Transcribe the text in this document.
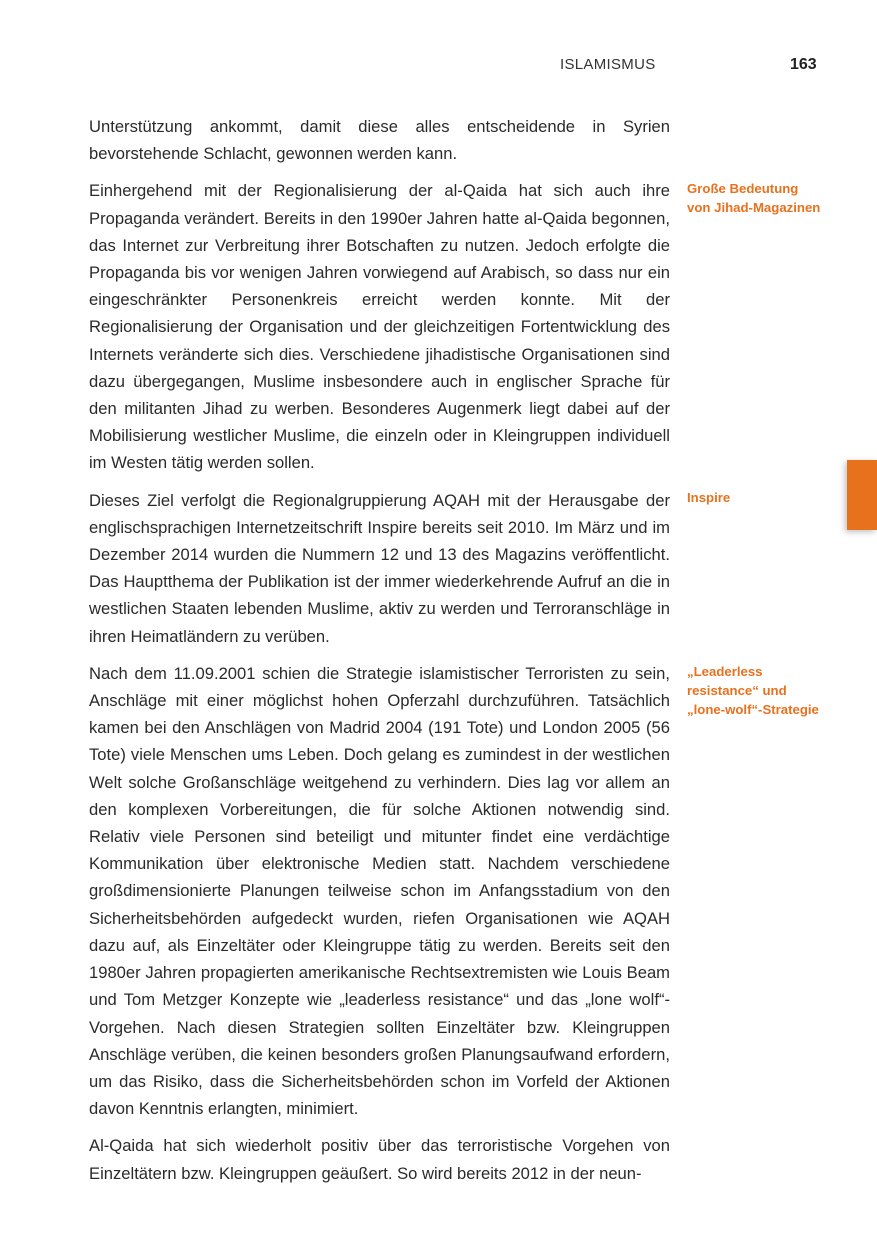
ISLAMISMUS	163

Unterstützung ankommt, damit diese alles entscheidende in Syrien bevorstehende Schlacht, gewonnen werden kann.

Einhergehend mit der Regionalisierung der al-Qaida hat sich auch ihre Propaganda verändert. Bereits in den 1990er Jahren hatte al-Qaida begonnen, das Internet zur Verbreitung ihrer Botschaften zu nutzen. Jedoch erfolgte die Propaganda bis vor wenigen Jahren vorwiegend auf Arabisch, so dass nur ein eingeschränkter Personenkreis erreicht werden konnte. Mit der Regionalisierung der Organisation und der gleichzeitigen Fortentwicklung des Internets veränderte sich dies. Verschiedene jihadistische Organisationen sind dazu übergegangen, Muslime insbesondere auch in englischer Sprache für den militanten Jihad zu werben. Besonderes Augenmerk liegt dabei auf der Mobilisierung westlicher Muslime, die einzeln oder in Kleingruppen individuell im Westen tätig werden sollen.

Dieses Ziel verfolgt die Regionalgruppierung AQAH mit der Herausgabe der englischsprachigen Internetzeitschrift Inspire bereits seit 2010. Im März und im Dezember 2014 wurden die Nummern 12 und 13 des Magazins veröffentlicht. Das Hauptthema der Publikation ist der immer wiederkehrende Aufruf an die in westlichen Staaten lebenden Muslime, aktiv zu werden und Terroranschläge in ihren Heimatländern zu verüben.

Nach dem 11.09.2001 schien die Strategie islamistischer Terroristen zu sein, Anschläge mit einer möglichst hohen Opferzahl durchzuführen. Tatsächlich kamen bei den Anschlägen von Madrid 2004 (191 Tote) und London 2005 (56 Tote) viele Menschen ums Leben. Doch gelang es zumindest in der westlichen Welt solche Großanschläge weitgehend zu verhindern. Dies lag vor allem an den komplexen Vorbereitungen, die für solche Aktionen notwendig sind. Relativ viele Personen sind beteiligt und mitunter findet eine verdächtige Kommunikation über elektronische Medien statt. Nachdem verschiedene großdimensionierte Planungen teilweise schon im Anfangsstadium von den Sicherheitsbehörden aufgedeckt wurden, riefen Organisationen wie AQAH dazu auf, als Einzeltäter oder Kleingruppe tätig zu werden. Bereits seit den 1980er Jahren propagierten amerikanische Rechtsextremisten wie Louis Beam und Tom Metzger Konzepte wie „leaderless resistance“ und das „lone wolf“-Vorgehen. Nach diesen Strategien sollten Einzeltäter bzw. Kleingruppen Anschläge verüben, die keinen besonders großen Planungsaufwand erfordern, um das Risiko, dass die Sicherheitsbehörden schon im Vorfeld der Aktionen davon Kenntnis erlangten, minimiert.

Al-Qaida hat sich wiederholt positiv über das terroristische Vorgehen von Einzeltätern bzw. Kleingruppen geäußert. So wird bereits 2012 in der neun-

Große Bedeutung von Jihad-Magazinen
Inspire
„Leaderless resistance“ und „lone-wolf“-Strategie
